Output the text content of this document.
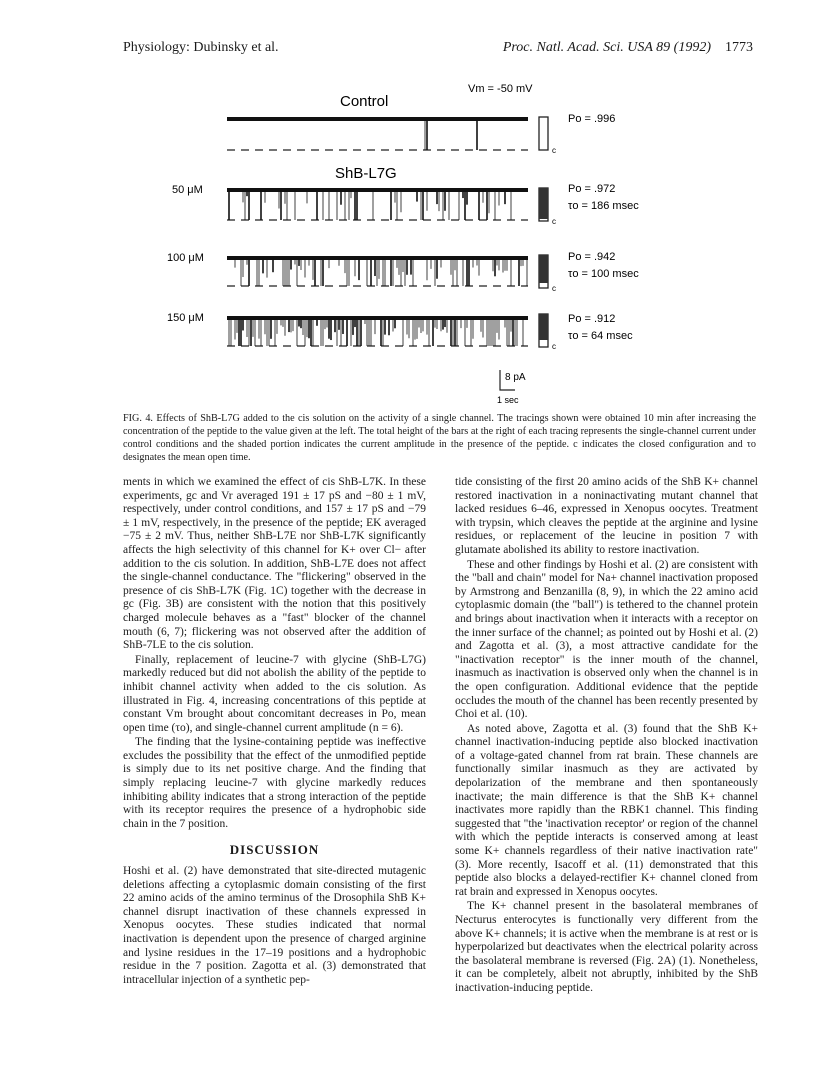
Physiology: Dubinsky et al.	Proc. Natl. Acad. Sci. USA 89 (1992) 1773
Vm = -50 mV
Control
ShB-L7G
c
Po = .996
50 μM
c
Po = .972
τo = 186 msec
100 μM
c
Po = .942
τo = 100 msec
150 μM
c
Po = .912
τo = 64 msec
8 pA
1 sec
FIG. 4. Effects of ShB-L7G added to the cis solution on the activity of a single channel. The tracings shown were obtained 10 min after increasing the concentration of the peptide to the value given at the left. The total height of the bars at the right of each tracing represents the single-channel current under control conditions and the shaded portion indicates the current amplitude in the presence of the peptide. c indicates the closed configuration and τo designates the mean open time.

ments in which we examined the effect of cis ShB-L7K. In these experiments, gc and Vr averaged 191 ± 17 pS and −80 ± 1 mV, respectively, under control conditions, and 157 ± 17 pS and −79 ± 1 mV, respectively, in the presence of the peptide; EK averaged −75 ± 2 mV. Thus, neither ShB-L7E nor ShB-L7K significantly affects the high selectivity of this channel for K+ over Cl− after addition to the cis solution. In addition, ShB-L7E does not affect the single-channel conductance. The "flickering" observed in the presence of cis ShB-L7K (Fig. 1C) together with the decrease in gc (Fig. 3B) are consistent with the notion that this positively charged molecule behaves as a "fast" blocker of the channel mouth (6, 7); flickering was not observed after the addition of ShB-7LE to the cis solution.

Finally, replacement of leucine-7 with glycine (ShB-L7G) markedly reduced but did not abolish the ability of the peptide to inhibit channel activity when added to the cis solution. As illustrated in Fig. 4, increasing concentrations of this peptide at constant Vm brought about concomitant decreases in Po, mean open time (τo), and single-channel current amplitude (n = 6).

The finding that the lysine-containing peptide was ineffective excludes the possibility that the effect of the unmodified peptide is simply due to its net positive charge. And the finding that simply replacing leucine-7 with glycine markedly reduces inhibiting ability indicates that a strong interaction of the peptide with its receptor requires the presence of a hydrophobic side chain in the 7 position.

DISCUSSION

Hoshi et al. (2) have demonstrated that site-directed mutagenic deletions affecting a cytoplasmic domain consisting of the first 22 amino acids of the amino terminus of the Drosophila ShB K+ channel disrupt inactivation of these channels expressed in Xenopus oocytes. These studies indicated that normal inactivation is dependent upon the presence of charged arginine and lysine residues in the 17–19 positions and a hydrophobic residue in the 7 position. Zagotta et al. (3) demonstrated that intracellular injection of a synthetic pep-

tide consisting of the first 20 amino acids of the ShB K+ channel restored inactivation in a noninactivating mutant channel that lacked residues 6–46, expressed in Xenopus oocytes. Treatment with trypsin, which cleaves the peptide at the arginine and lysine residues, or replacement of the leucine in position 7 with glutamate abolished its ability to restore inactivation.

These and other findings by Hoshi et al. (2) are consistent with the "ball and chain" model for Na+ channel inactivation proposed by Armstrong and Benzanilla (8, 9), in which the 22 amino acid cytoplasmic domain (the "ball") is tethered to the channel protein and brings about inactivation when it interacts with a receptor on the inner surface of the channel; as pointed out by Hoshi et al. (2) and Zagotta et al. (3), a most attractive candidate for the "inactivation receptor" is the inner mouth of the channel, inasmuch as inactivation is observed only when the channel is in the open configuration. Additional evidence that the peptide occludes the mouth of the channel has been recently presented by Choi et al. (10).

As noted above, Zagotta et al. (3) found that the ShB K+ channel inactivation-inducing peptide also blocked inactivation of a voltage-gated channel from rat brain. These channels are functionally similar inasmuch as they are activated by depolarization of the membrane and then spontaneously inactivate; the main difference is that the ShB K+ channel inactivates more rapidly than the RBK1 channel. This finding suggested that "the 'inactivation receptor' or region of the channel with which the peptide interacts is conserved among at least some K+ channels regardless of their native inactivation rate" (3). More recently, Isacoff et al. (11) demonstrated that this peptide also blocks a delayed-rectifier K+ channel cloned from rat brain and expressed in Xenopus oocytes.

The K+ channel present in the basolateral membranes of Necturus enterocytes is functionally very different from the above K+ channels; it is active when the membrane is at rest or is hyperpolarized but deactivates when the electrical polarity across the basolateral membrane is reversed (Fig. 2A) (1). Nonetheless, it can be completely, albeit not abruptly, inhibited by the ShB inactivation-inducing peptide.
